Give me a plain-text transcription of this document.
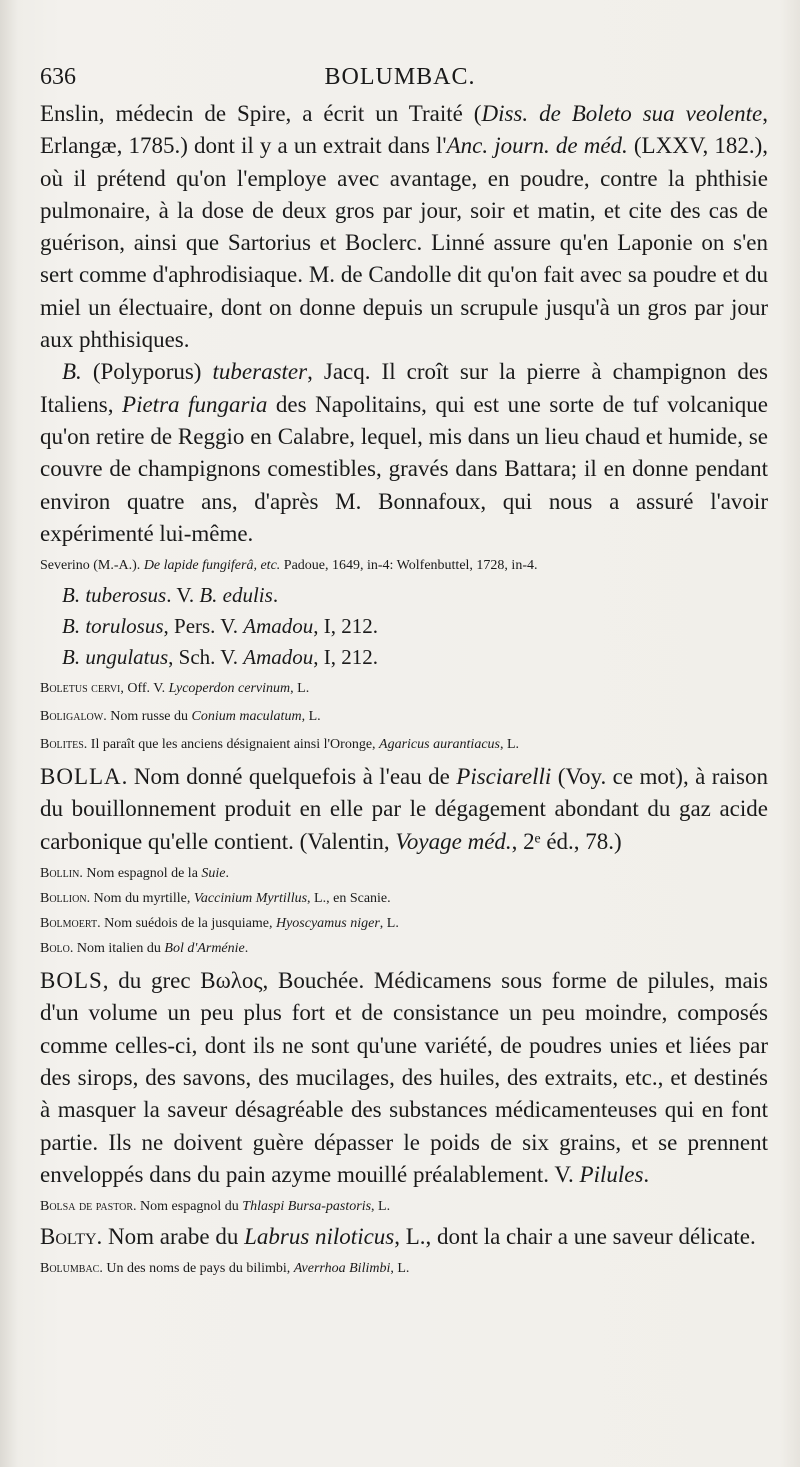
636	BOLUMBAC.

Enslin, médecin de Spire, a écrit un Traité (Diss. de Boleto sua veolente, Erlangæ, 1785.) dont il y a un extrait dans l'Anc. journ. de méd. (LXXV, 182.), où il prétend qu'on l'employe avec avantage, en poudre, contre la phthisie pulmonaire, à la dose de deux gros par jour, soir et matin, et cite des cas de guérison, ainsi que Sartorius et Boclerc. Linné assure qu'en Laponie on s'en sert comme d'aphrodisiaque. M. de Candolle dit qu'on fait avec sa poudre et du miel un électuaire, dont on donne depuis un scrupule jusqu'à un gros par jour aux phthisiques.

B. (Polyporus) tuberaster, Jacq. Il croît sur la pierre à champignon des Italiens, Pietra fungaria des Napolitains, qui est une sorte de tuf volcanique qu'on retire de Reggio en Calabre, lequel, mis dans un lieu chaud et humide, se couvre de champignons comestibles, gravés dans Battara; il en donne pendant environ quatre ans, d'après M. Bonnafoux, qui nous a assuré l'avoir expérimenté lui-même.

Severino (M.-A.). De lapide fungiferâ, etc. Padoue, 1649, in-4: Wolfenbuttel, 1728, in-4.

B. tuberosus. V. B. edulis.

B. torulosus, Pers. V. Amadou, I, 212.

B. ungulatus, Sch. V. Amadou, I, 212.

Boletus cervi, Off. V. Lycoperdon cervinum, L.

Boligalow. Nom russe du Conium maculatum, L.

Bolites. Il paraît que les anciens désignaient ainsi l'Oronge, Agaricus aurantiacus, L.

BOLLA. Nom donné quelquefois à l'eau de Pisciarelli (Voy. ce mot), à raison du bouillonnement produit en elle par le dégagement abondant du gaz acide carbonique qu'elle contient. (Valentin, Voyage méd., 2ᵉ éd., 78.)

Bollin. Nom espagnol de la Suie.

Bollion. Nom du myrtille, Vaccinium Myrtillus, L., en Scanie.

Bolmoert. Nom suédois de la jusquiame, Hyoscyamus niger, L.

Bolo. Nom italien du Bol d'Arménie.

BOLS, du grec Βωλος, Bouchée. Médicamens sous forme de pilules, mais d'un volume un peu plus fort et de consistance un peu moindre, composés comme celles-ci, dont ils ne sont qu'une variété, de poudres unies et liées par des sirops, des savons, des mucilages, des huiles, des extraits, etc., et destinés à masquer la saveur désagréable des substances médicamenteuses qui en font partie. Ils ne doivent guère dépasser le poids de six grains, et se prennent enveloppés dans du pain azyme mouillé préalablement. V. Pilules.

Bolsa de pastor. Nom espagnol du Thlaspi Bursa-pastoris, L.

Bolty. Nom arabe du Labrus niloticus, L., dont la chair a une saveur délicate.

Bolumbac. Un des noms de pays du bilimbi, Averrhoa Bilimbi, L.
